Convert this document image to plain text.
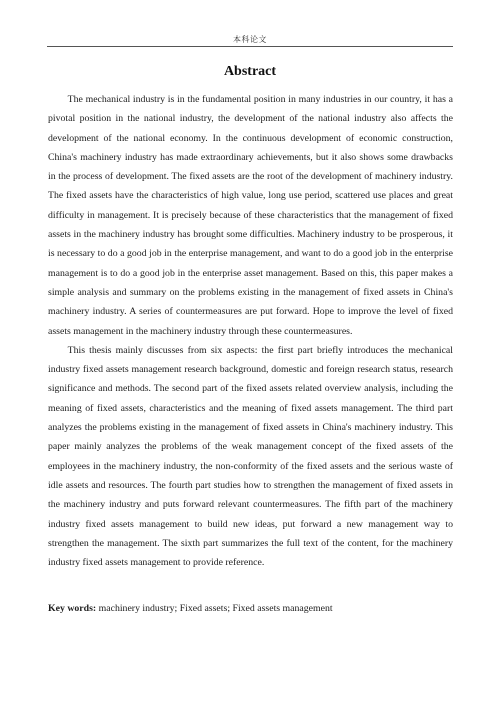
本科论文
Abstract

The mechanical industry is in the fundamental position in many industries in our country, it has a pivotal position in the national industry, the development of the national industry also affects the development of the national economy. In the continuous development of economic construction, China's machinery industry has made extraordinary achievements, but it also shows some drawbacks in the process of development. The fixed assets are the root of the development of machinery industry. The fixed assets have the characteristics of high value, long use period, scattered use places and great difficulty in management. It is precisely because of these characteristics that the management of fixed assets in the machinery industry has brought some difficulties. Machinery industry to be prosperous, it is necessary to do a good job in the enterprise management, and want to do a good job in the enterprise management is to do a good job in the enterprise asset management. Based on this, this paper makes a simple analysis and summary on the problems existing in the management of fixed assets in China's machinery industry. A series of countermeasures are put forward. Hope to improve the level of fixed assets management in the machinery industry through these countermeasures.

This thesis mainly discusses from six aspects: the first part briefly introduces the mechanical industry fixed assets management research background, domestic and foreign research status, research significance and methods. The second part of the fixed assets related overview analysis, including the meaning of fixed assets, characteristics and the meaning of fixed assets management. The third part analyzes the problems existing in the management of fixed assets in China's machinery industry. This paper mainly analyzes the problems of the weak management concept of the fixed assets of the employees in the machinery industry, the non-conformity of the fixed assets and the serious waste of idle assets and resources. The fourth part studies how to strengthen the management of fixed assets in the machinery industry and puts forward relevant countermeasures. The fifth part of the machinery industry fixed assets management to build new ideas, put forward a new management way to strengthen the management. The sixth part summarizes the full text of the content, for the machinery industry fixed assets management to provide reference.

Key words: machinery industry; Fixed assets; Fixed assets management
